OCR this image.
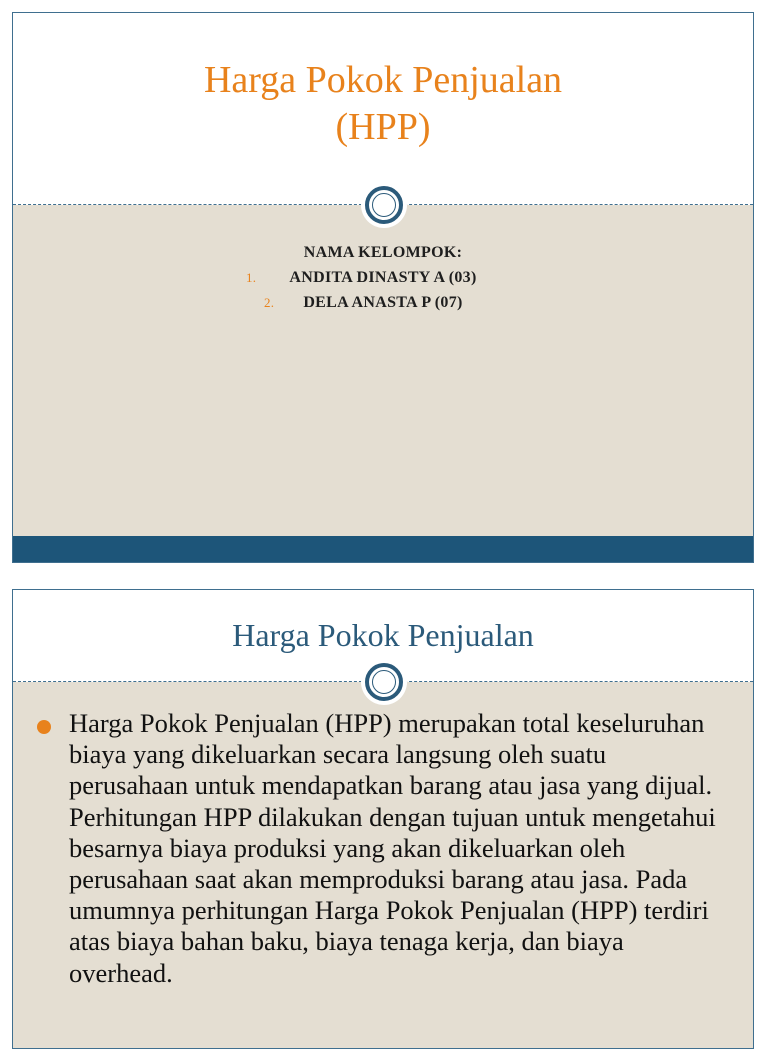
Harga Pokok Penjualan
(HPP)
NAMA KELOMPOK:
1. ANDITA DINASTY A (03)
2. DELA ANASTA P (07)
Harga Pokok Penjualan
Harga Pokok Penjualan (HPP) merupakan total keseluruhan biaya yang dikeluarkan secara langsung oleh suatu perusahaan untuk mendapatkan barang atau jasa yang dijual. Perhitungan HPP dilakukan dengan tujuan untuk mengetahui besarnya biaya produksi yang akan dikeluarkan oleh perusahaan saat akan memproduksi barang atau jasa. Pada umumnya perhitungan Harga Pokok Penjualan (HPP) terdiri atas biaya bahan baku, biaya tenaga kerja, dan biaya overhead.
